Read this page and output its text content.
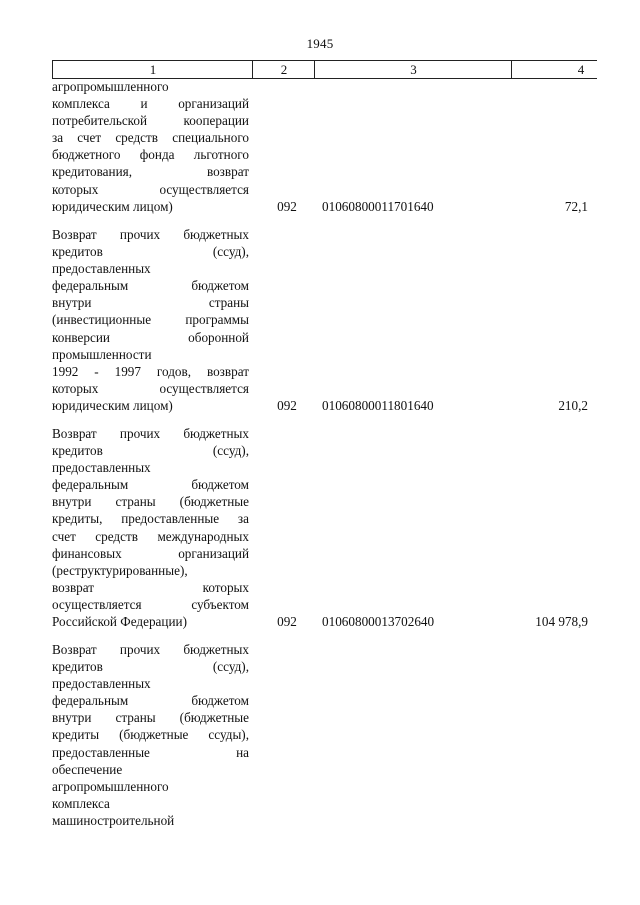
1945
1	2	3	4
агропромышленного
комплекса и организаций
потребительской кооперации
за счет средств специального
бюджетного фонда льготного
кредитования, возврат
которых осуществляется
юридическим лицом)	092	01060800011701640	72,1
Возврат прочих бюджетных
кредитов (ссуд),
предоставленных
федеральным бюджетом
внутри страны
(инвестиционные программы
конверсии оборонной
промышленности
1992 - 1997 годов, возврат
которых осуществляется
юридическим лицом)	092	01060800011801640	210,2
Возврат прочих бюджетных
кредитов (ссуд),
предоставленных
федеральным бюджетом
внутри страны (бюджетные
кредиты, предоставленные за
счет средств международных
финансовых организаций
(реструктурированные),
возврат которых
осуществляется субъектом
Российской Федерации)	092	01060800013702640	104 978,9
Возврат прочих бюджетных
кредитов (ссуд),
предоставленных
федеральным бюджетом
внутри страны (бюджетные
кредиты (бюджетные ссуды),
предоставленные на
обеспечение
агропромышленного
комплекса
машиностроительной
